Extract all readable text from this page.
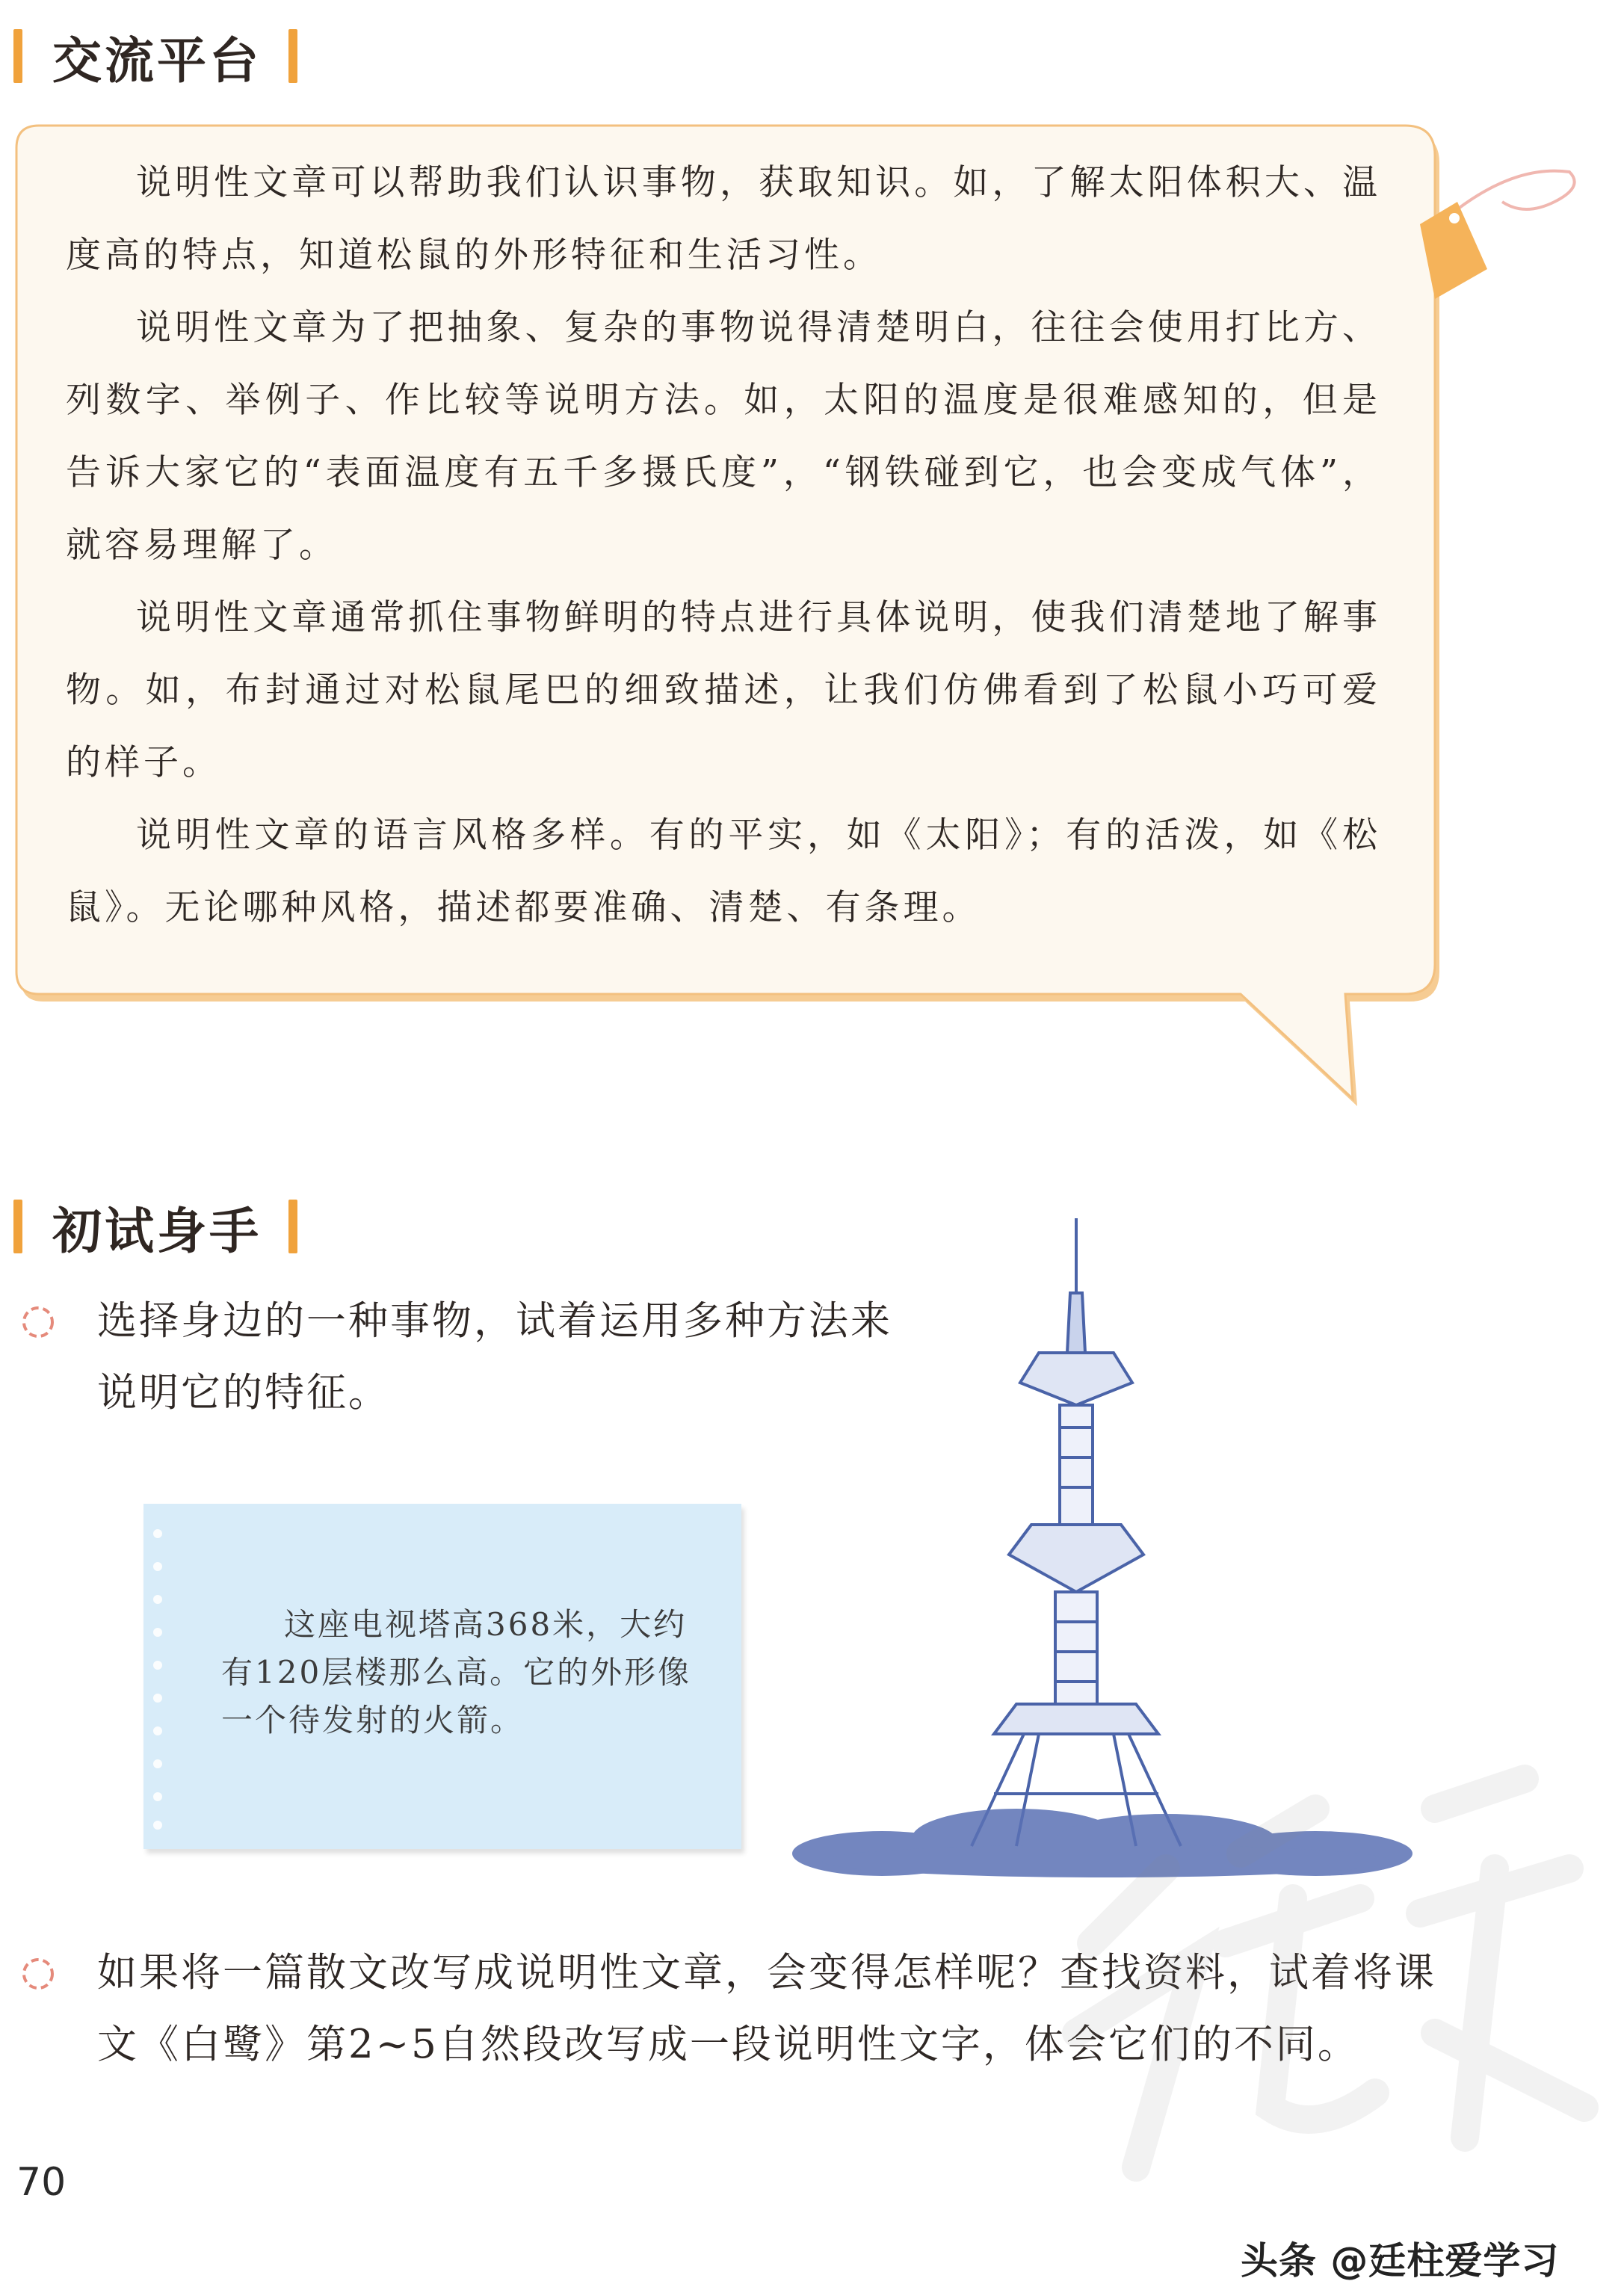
交流平台

说明性文章可以帮助我们认识事物，获取知识。如，了解太阳体积大、温度高的特点，知道松鼠的外形特征和生活习性。

说明性文章为了把抽象、复杂的事物说得清楚明白，往往会使用打比方、列数字、举例子、作比较等说明方法。如，太阳的温度是很难感知的，但是告诉大家它的“表面温度有五千多摄氏度”，“钢铁碰到它，也会变成气体”，就容易理解了。

说明性文章通常抓住事物鲜明的特点进行具体说明，使我们清楚地了解事物。如，布封通过对松鼠尾巴的细致描述，让我们仿佛看到了松鼠小巧可爱的样子。

说明性文章的语言风格多样。有的平实，如《太阳》；有的活泼，如《松鼠》。无论哪种风格，描述都要准确、清楚、有条理。

初试身手
选择身边的一种事物，试着运用多种方法来说明它的特征。
这座电视塔高368米，大约有120层楼那么高。它的外形像一个待发射的火箭。
如果将一篇散文改写成说明性文章，会变得怎样呢？查找资料，试着将课文《白鹭》第2~5自然段改写成一段说明性文字，体会它们的不同。
70
头条 @廷柱爱学习
